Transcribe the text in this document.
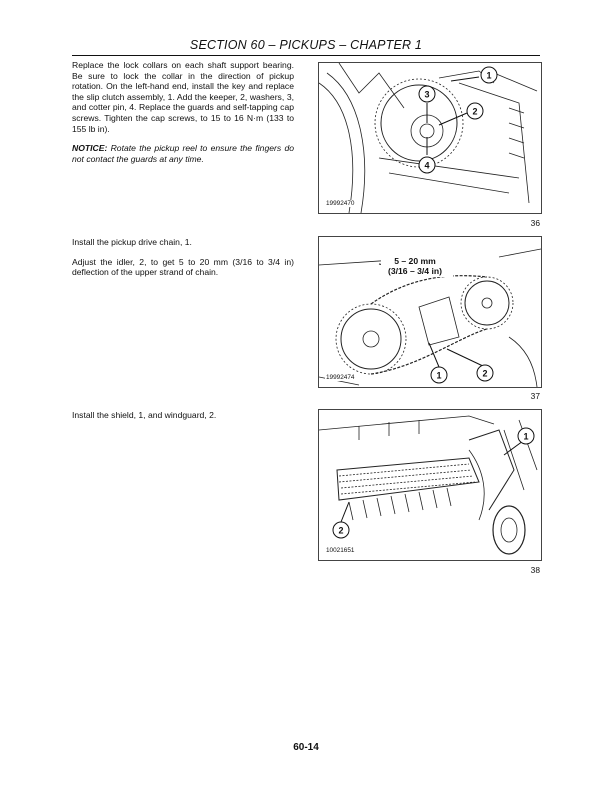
SECTION 60 – PICKUPS – CHAPTER 1

Replace the lock collars on each shaft support bearing. Be sure to lock the collar in the direction of pickup rotation. On the left-hand end, install the key and replace the slip clutch assembly, 1. Add the keeper, 2, washers, 3, and cotter pin, 4. Replace the guards and self-tapping cap screws. Tighten the cap screws, to 15 to 16 N·m (133 to 155 lb in).

NOTICE: Rotate the pickup reel to ensure the fingers do not contact the guards at any time.

Install the pickup drive chain, 1.

Adjust the idler, 2, to get 5 to 20 mm (3/16 to 3/4 in) deflection of the upper strand of chain.

Install the shield, 1, and windguard, 2.

1
2
3
4
19992470
36
5 – 20 mm
(3/16 – 3/4 in)
1	2
19992474
37
1
2
10021651
38
60-14
